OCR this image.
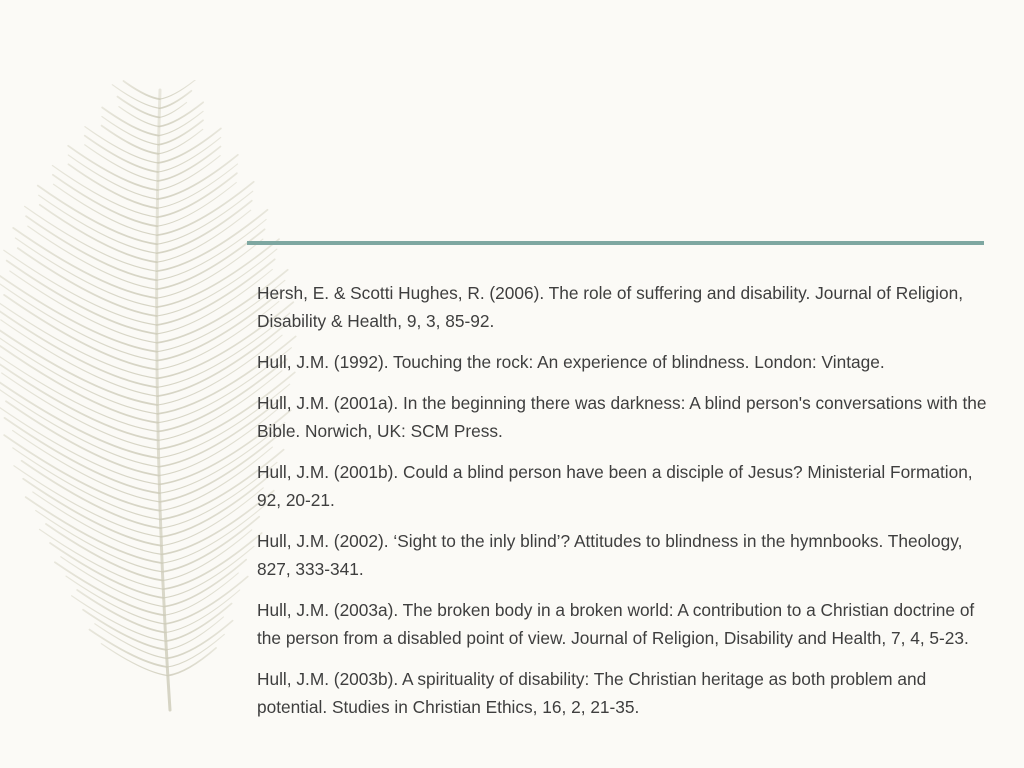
Hersh, E. & Scotti Hughes, R. (2006). The role of suffering and disability. Journal of Religion, Disability & Health, 9, 3, 85-92.
Hull, J.M. (1992). Touching the rock: An experience of blindness. London: Vintage.
Hull, J.M. (2001a). In the beginning there was darkness: A blind person's conversations with the Bible. Norwich, UK: SCM Press.
Hull, J.M. (2001b). Could a blind person have been a disciple of Jesus? Ministerial Formation, 92, 20-21.
Hull, J.M. (2002). ‘Sight to the inly blind’? Attitudes to blindness in the hymnbooks. Theology, 827, 333-341.
Hull, J.M. (2003a). The broken body in a broken world: A contribution to a Christian doctrine of the person from a disabled point of view. Journal of Religion, Disability and Health, 7, 4, 5-23.
Hull, J.M. (2003b). A spirituality of disability: The Christian heritage as both problem and potential. Studies in Christian Ethics, 16, 2, 21-35.
